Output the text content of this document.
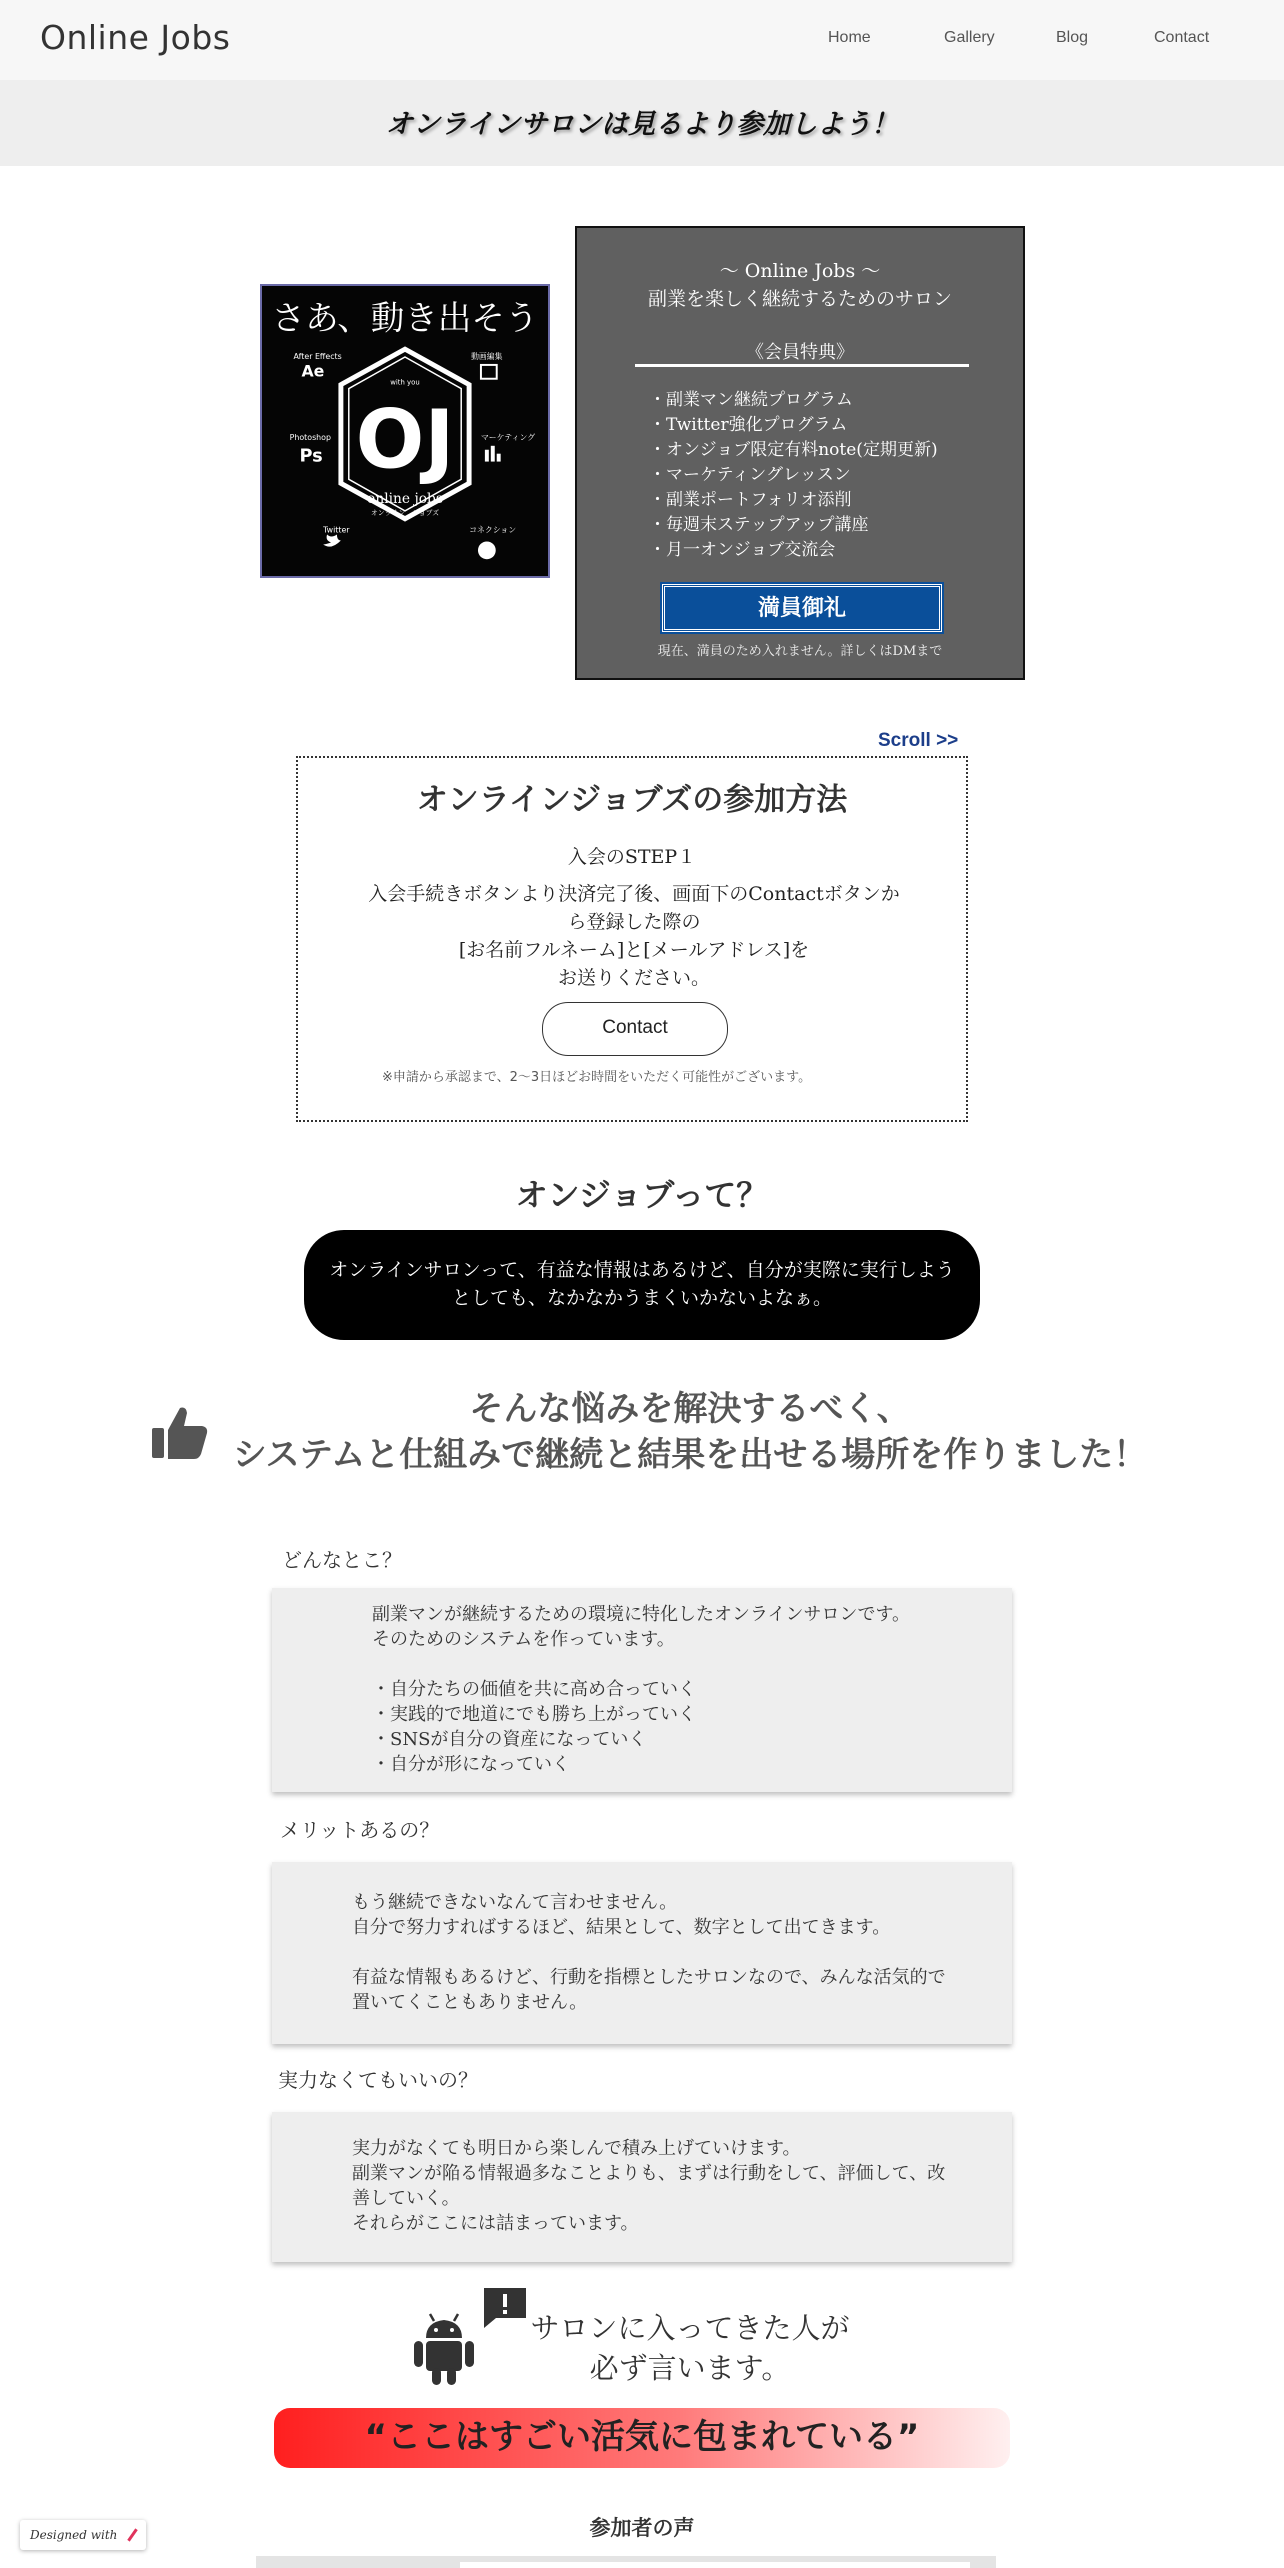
Online Jobs	Home	Gallery	Blog	Contact
オンラインサロンは見るより参加しよう！
さあ、動き出そう
OJ
online jobs
オンライン　ジョブズ
with you
After Effects
Ae
動画編集
Photoshop
Ps
マーケティング
Twitter	コネクション
～ Online Jobs ～
副業を楽しく継続するためのサロン
《会員特典》
・副業マン継続プログラム
・Twitter強化プログラム
・オンジョブ限定有料note(定期更新)
・マーケティングレッスン
・副業ポートフォリオ添削
・毎週末ステップアップ講座
・月一オンジョブ交流会
満員御礼
現在、満員のため入れません。詳しくはDMまで
Scroll >>
オンラインジョブズの参加方法
入会のSTEP１
入会手続きボタンより決済完了後、画面下のContactボタンから登録した際の
[お名前フルネーム]と[メールアドレス]を
お送りください。
Contact
※申請から承認まで、2〜3日ほどお時間をいただく可能性がございます。
オンジョブって？
オンラインサロンって、有益な情報はあるけど、自分が実際に実行しようとしても、なかなかうまくいかないよなぁ。
そんな悩みを解決するべく、
システムと仕組みで継続と結果を出せる場所を作りました！
どんなとこ？
副業マンが継続するための環境に特化したオンラインサロンです。
そのためのシステムを作っています。

・自分たちの価値を共に高め合っていく
・実践的で地道にでも勝ち上がっていく
・SNSが自分の資産になっていく
・自分が形になっていく
メリットあるの？
もう継続できないなんて言わせません。
自分で努力すればするほど、結果として、数字として出てきます。

有益な情報もあるけど、行動を指標としたサロンなので、みんな活気的で置いてくこともありません。
実力なくてもいいの？
実力がなくても明日から楽しんで積み上げていけます。
副業マンが陥る情報過多なことよりも、まずは行動をして、評価して、改善していく。
それらがここには詰まっています。
サロンに入ってきた人が
必ず言います。
“ここはすごい活気に包まれている”
参加者の声
Designed with
